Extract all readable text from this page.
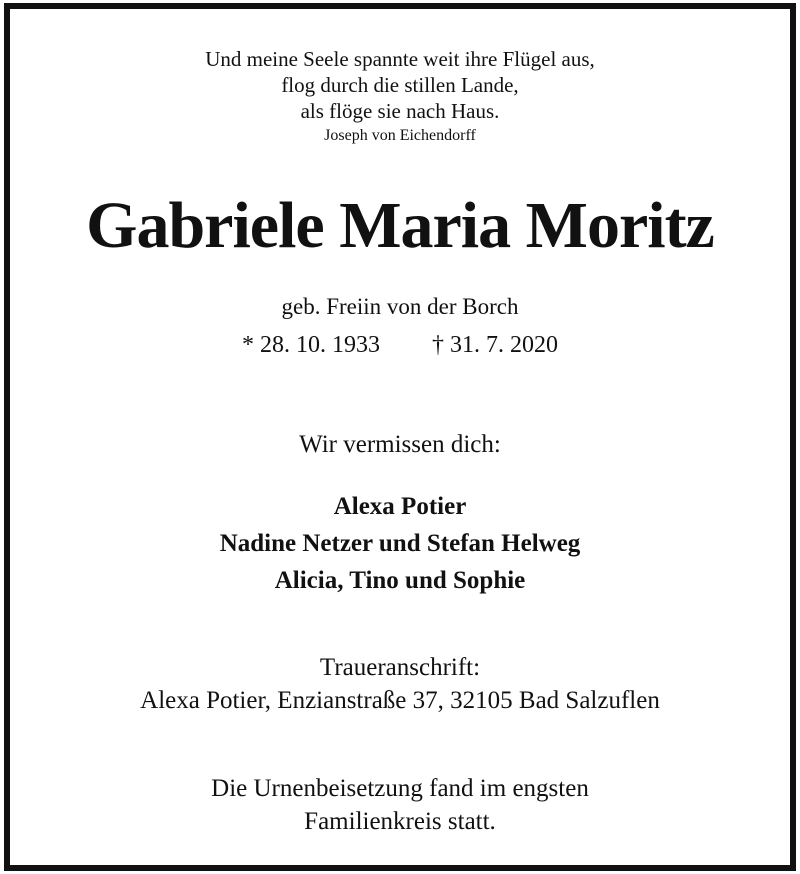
Und meine Seele spannte weit ihre Flügel aus,
flog durch die stillen Lande,
als flöge sie nach Haus.
Joseph von Eichendorff
Gabriele Maria Moritz
geb. Freiin von der Borch
* 28. 10. 1933 † 31. 7. 2020
Wir vermissen dich:
Alexa Potier
Nadine Netzer und Stefan Helweg
Alicia, Tino und Sophie
Traueranschrift:
Alexa Potier, Enzianstraße 37, 32105 Bad Salzuflen
Die Urnenbeisetzung fand im engsten
Familienkreis statt.
